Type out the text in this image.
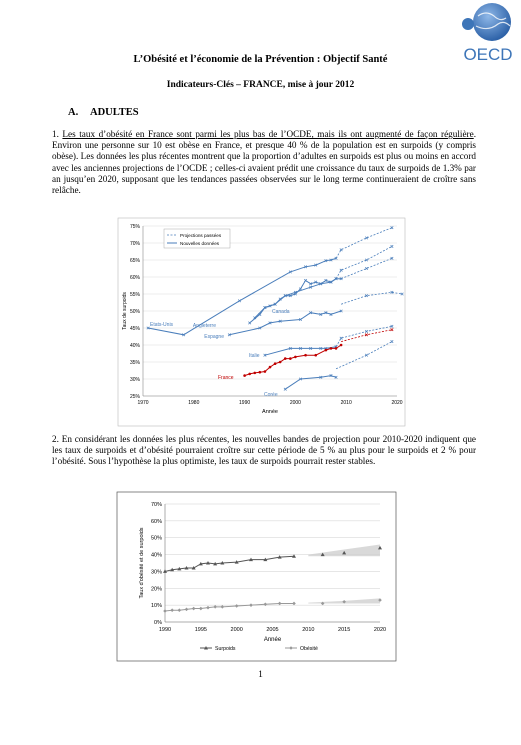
OECD
L’Obésité et l’économie de la Prévention : Objectif Santé
Indicateurs-Clés – FRANCE, mise à jour 2012
A. ADULTES

1. Les taux d’obésité en France sont parmi les plus bas de l’OCDE, mais ils ont augmenté de façon régulière. Environ une personne sur 10 est obèse en France, et presque 40 % de la population est en surpoids (y compris obèse). Les données les plus récentes montrent que la proportion d’adultes en surpoids est plus ou moins en accord avec les anciennes projections de l’OCDE ; celles-ci avaient prédit une croissance du taux de surpoids de 1.3% par an jusqu’en 2020, supposant que les tendances passées observées sur le long terme continueraient de croître sans relâche.

25%
30%
35%
40%
45%
50%
55%
60%
65%
70%
75%
1970	1980	1990	2000	2010	2020
Année
Taux de surpoids
Projections passées
Nouvelles données
Etats-Unis
Canada
Angleterre
Espagne
Italie
France
Corée

2. En considérant les données les plus récentes, les nouvelles bandes de projection pour 2010-2020 indiquent que les taux de surpoids et d’obésité pourraient croître sur cette période de 5 % au plus pour le surpoids et 2 % pour l’obésité. Sous l’hypothèse la plus optimiste, les taux de surpoids pourrait rester stables.

0%
10%
20%
30%
40%
50%
60%
70%
1990	1995	2000	2005	2010	2015	2020
Année
Taux d'obésité et de surpoids
Surpoids	Obésité
1
